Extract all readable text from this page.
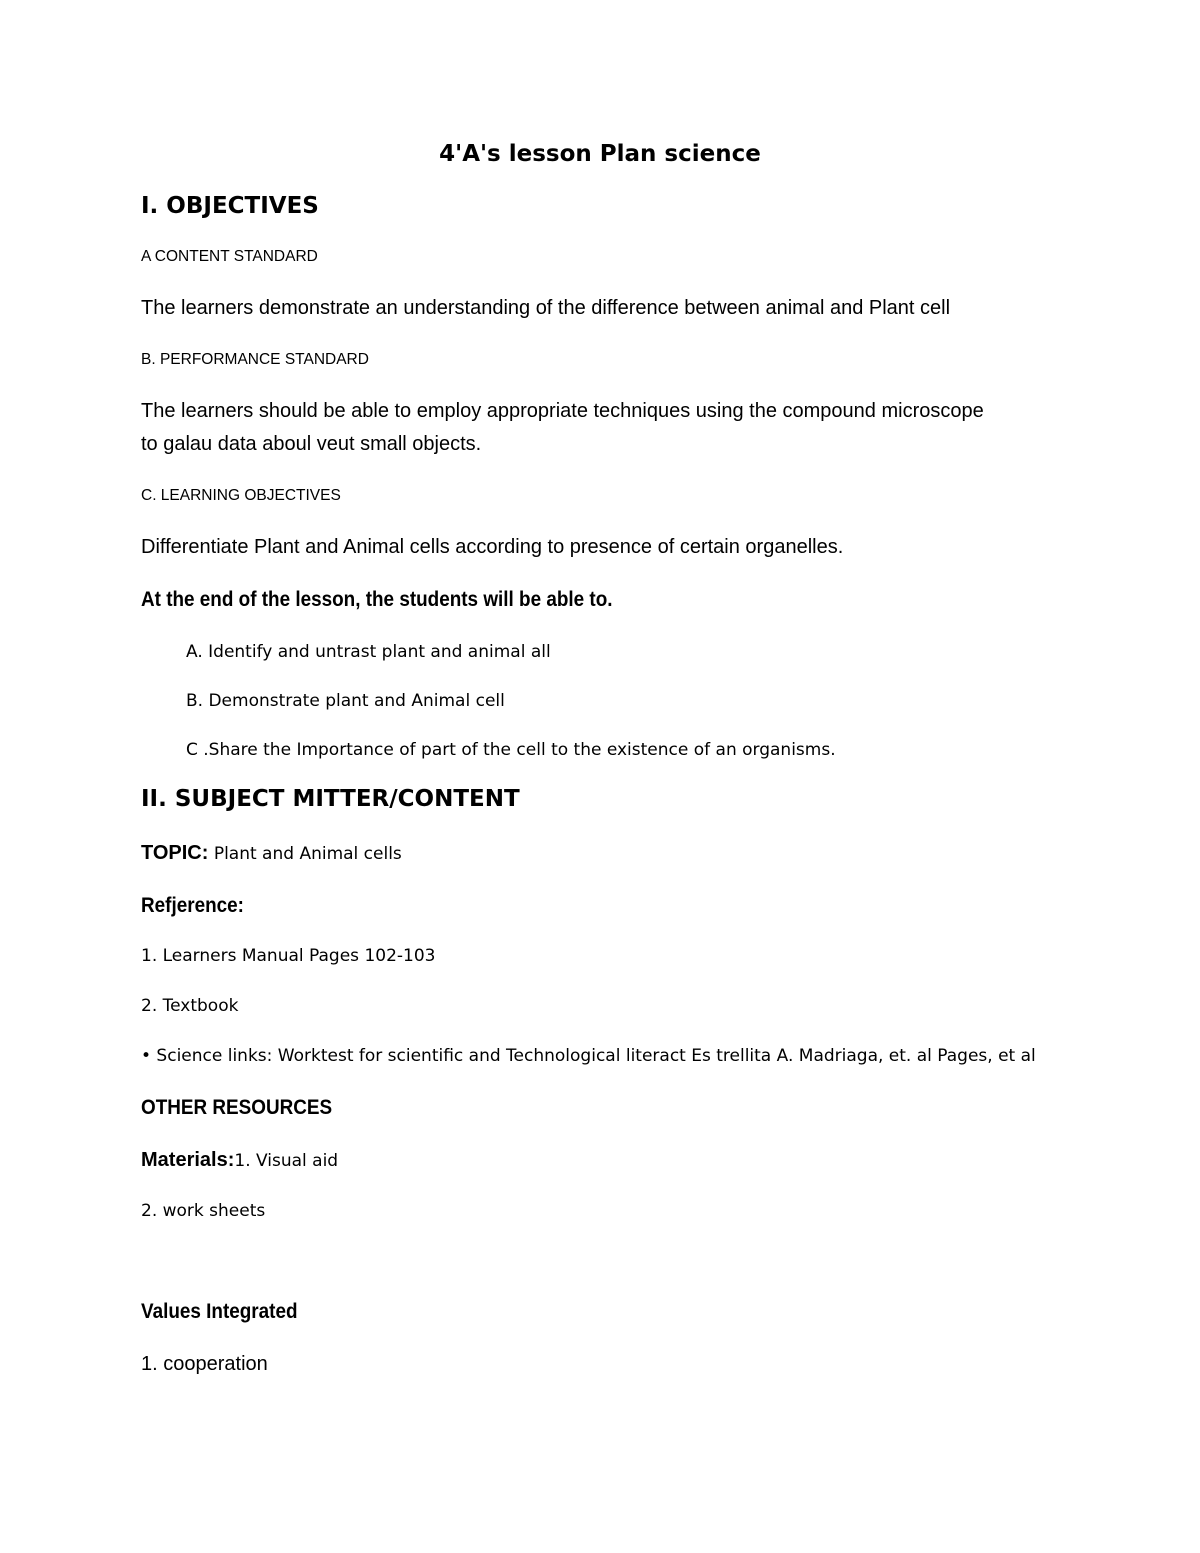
4'A's lesson Plan science
I. OBJECTIVES
A CONTENT STANDARD
The learners demonstrate an understanding of the difference between animal and Plant cell
B. PERFORMANCE STANDARD
The learners should be able to employ appropriate techniques using the compound microscope
to galau data aboul veut small objects.
C. LEARNING OBJECTIVES
Differentiate Plant and Animal cells according to presence of certain organelles.
At the end of the lesson, the students will be able to.
A. Identify and untrast plant and animal all
B. Demonstrate plant and Animal cell
C .Share the Importance of part of the cell to the existence of an organisms.
II. SUBJECT MITTER/CONTENT
TOPIC: Plant and Animal cells
Refjerence:
1. Learners Manual Pages 102-103
2. Textbook
• Science links: Worktest for scientific and Technological literact Es trellita A. Madriaga, et. al Pages, et al
OTHER RESOURCES
Materials:1. Visual aid
2. work sheets
Values Integrated
1. cooperation
